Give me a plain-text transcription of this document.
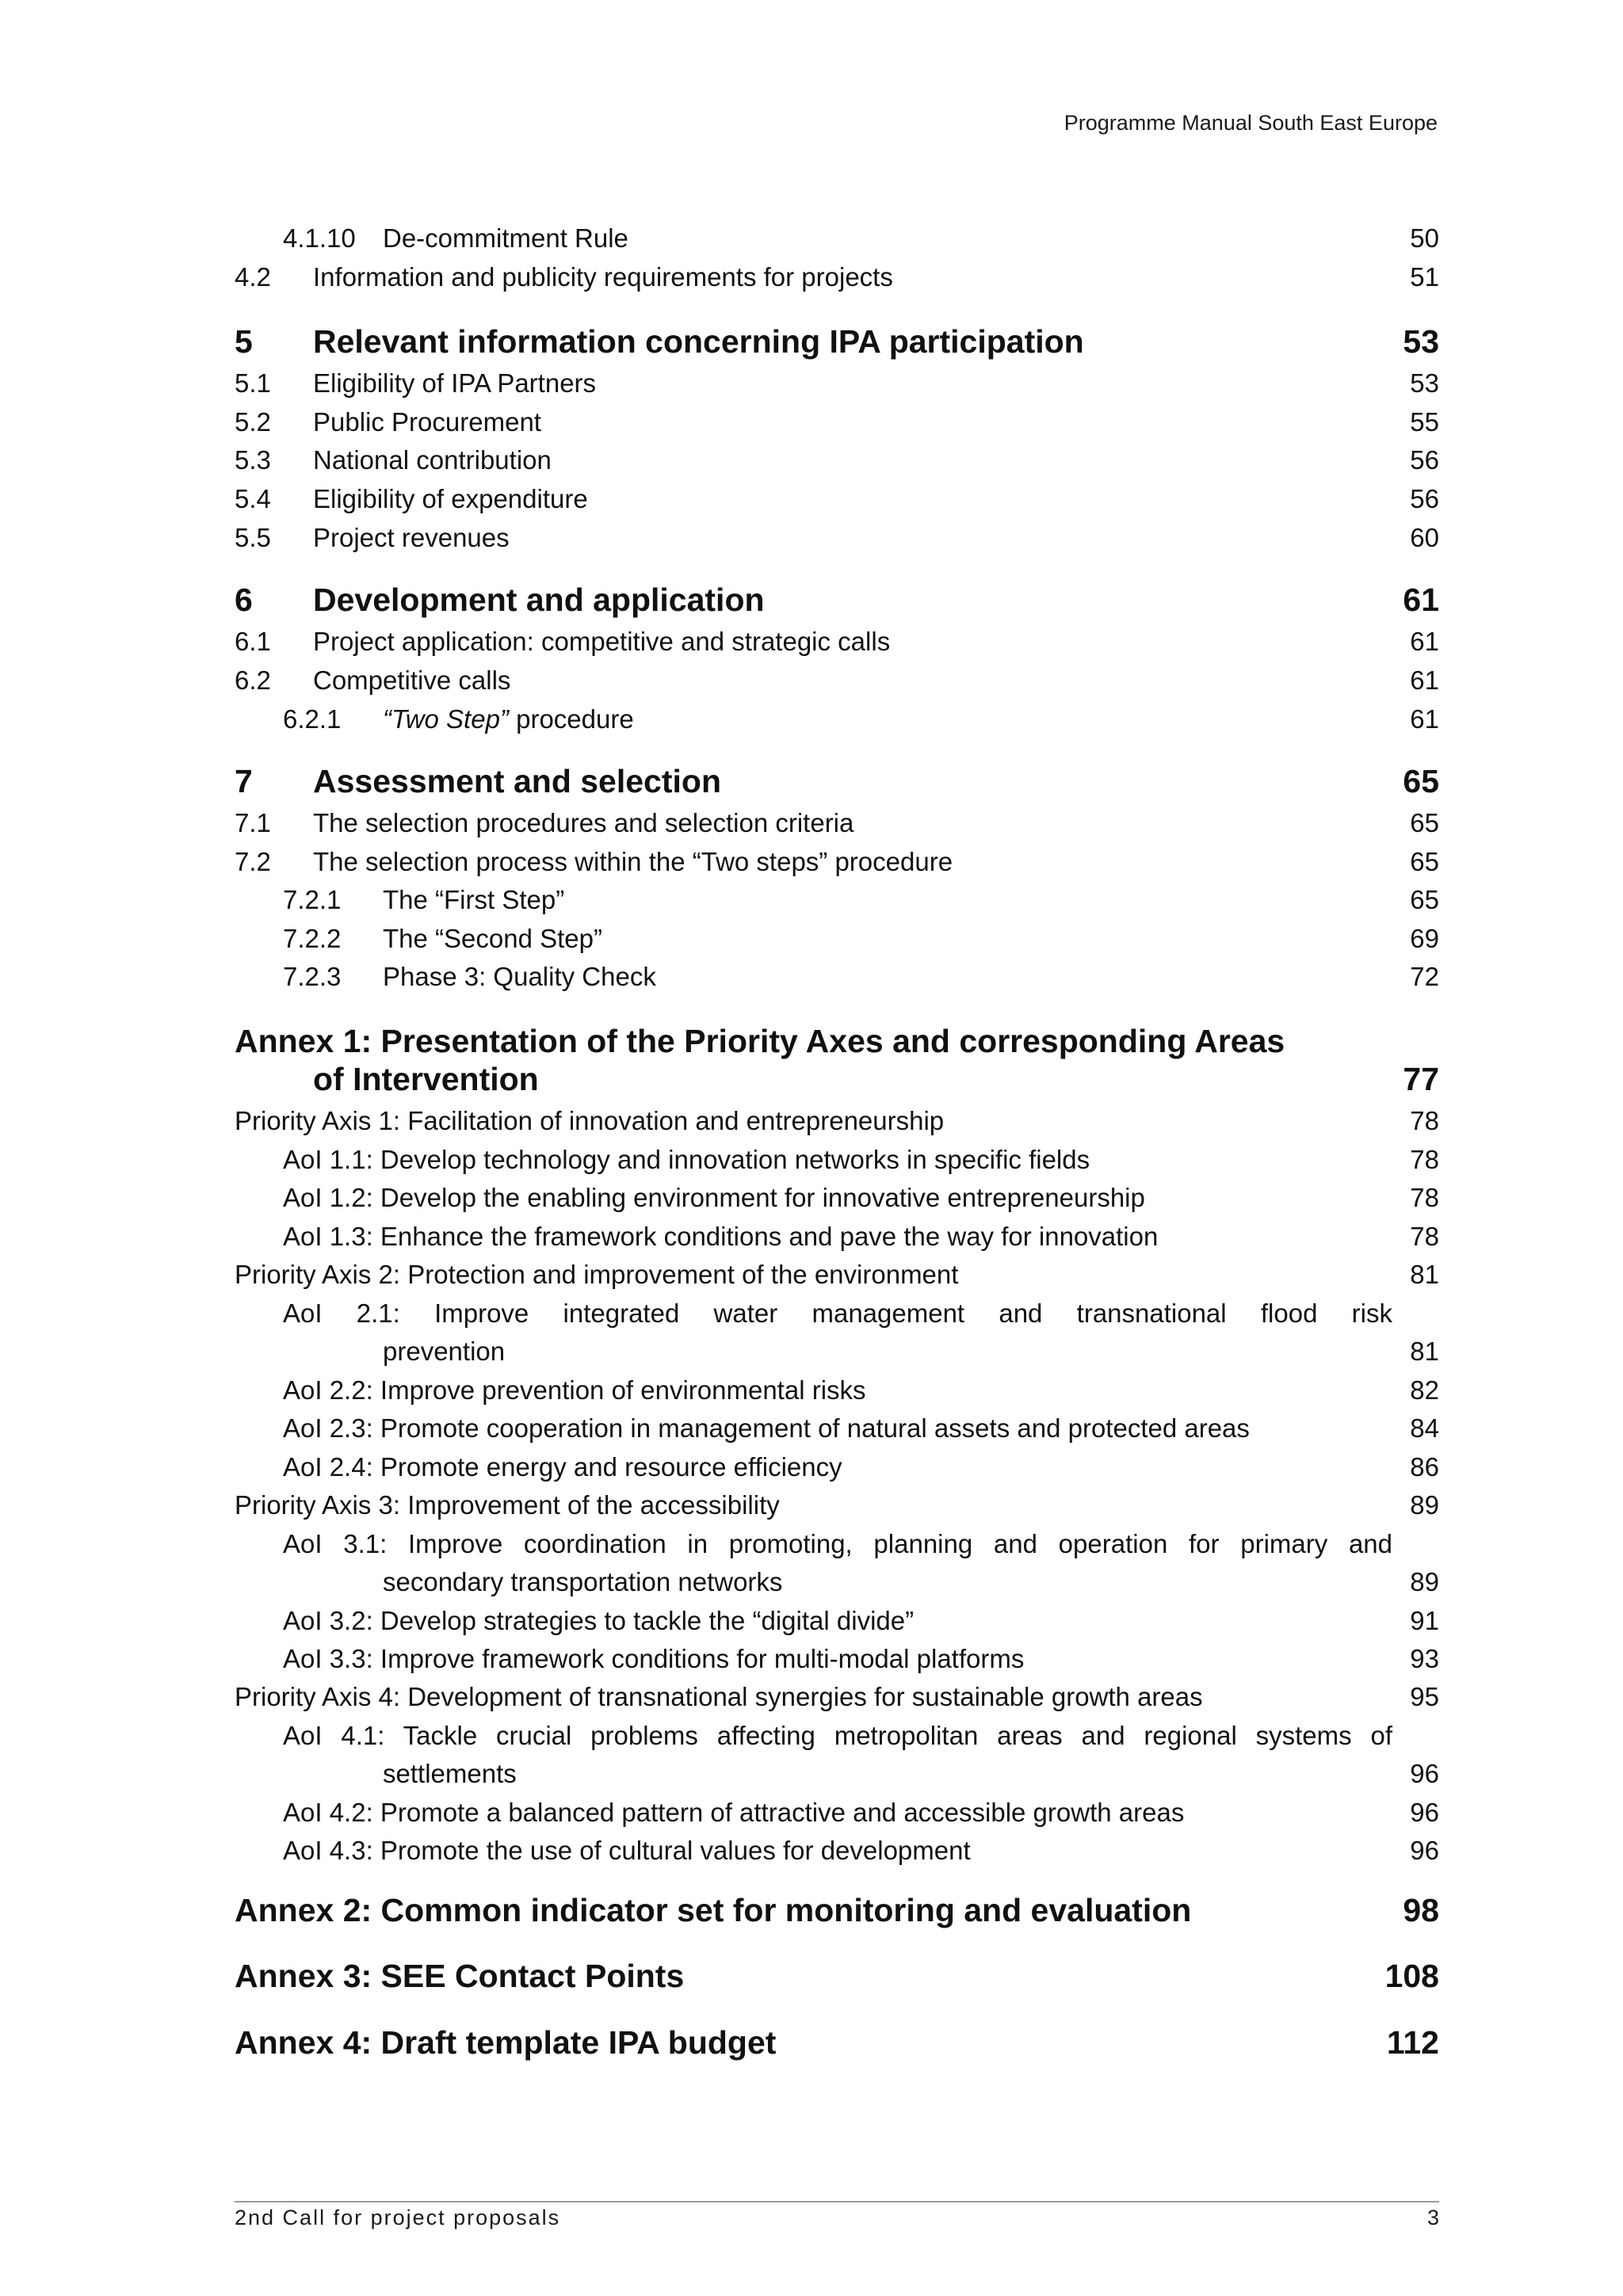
Programme Manual South East Europe
4.1.10 De-commitment Rule	50
4.2 Information and publicity requirements for projects	51
5 Relevant information concerning IPA participation	53
5.1 Eligibility of IPA Partners	53
5.2 Public Procurement	55
5.3 National contribution	56
5.4 Eligibility of expenditure	56
5.5 Project revenues	60
6 Development and application	61
6.1 Project application: competitive and strategic calls	61
6.2 Competitive calls	61
6.2.1 “Two Step” procedure	61
7 Assessment and selection	65
7.1 The selection procedures and selection criteria	65
7.2 The selection process within the “Two steps” procedure	65
7.2.1 The “First Step”	65
7.2.2 The “Second Step”	69
7.2.3 Phase 3: Quality Check	72
Annex 1: Presentation of the Priority Axes and corresponding Areas
of Intervention	77
Priority Axis 1: Facilitation of innovation and entrepreneurship	78
AoI 1.1: Develop technology and innovation networks in specific fields	78
AoI 1.2: Develop the enabling environment for innovative entrepreneurship	78
AoI 1.3: Enhance the framework conditions and pave the way for innovation	78
Priority Axis 2: Protection and improvement of the environment	81
AoI 2.1: Improve integrated water management and transnational flood risk
prevention	81
AoI 2.2: Improve prevention of environmental risks	82
AoI 2.3: Promote cooperation in management of natural assets and protected areas	84
AoI 2.4: Promote energy and resource efficiency	86
Priority Axis 3: Improvement of the accessibility	89
AoI 3.1: Improve coordination in promoting, planning and operation for primary and
secondary transportation networks	89
AoI 3.2: Develop strategies to tackle the “digital divide”	91
AoI 3.3: Improve framework conditions for multi-modal platforms	93
Priority Axis 4: Development of transnational synergies for sustainable growth areas	95
AoI 4.1: Tackle crucial problems affecting metropolitan areas and regional systems of
settlements	96
AoI 4.2: Promote a balanced pattern of attractive and accessible growth areas	96
AoI 4.3: Promote the use of cultural values for development	96
Annex 2: Common indicator set for monitoring and evaluation	98
Annex 3: SEE Contact Points	108
Annex 4: Draft template IPA budget	112
2nd Call for project proposals	3
